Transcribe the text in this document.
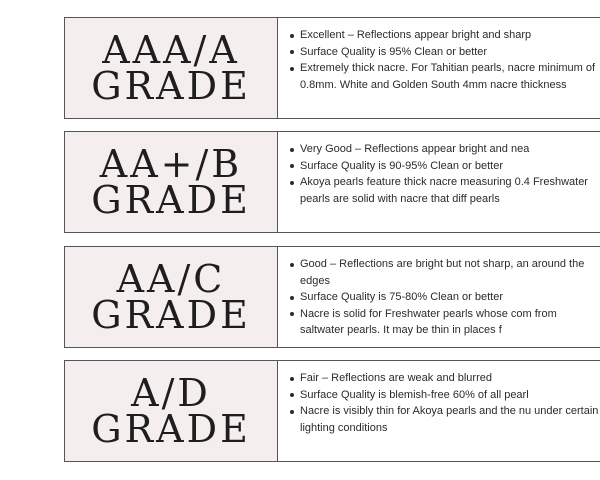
AAA/A
GRADE
Excellent – Reflections appear bright and sharp
Surface Quality is 95% Clean or better
Extremely thick nacre. For Tahitian pearls, nacre minimum of 0.8mm. White and Golden South 4mm nacre thickness
AA+/B
GRADE
Very Good – Reflections appear bright and nea
Surface Quality is 90-95% Clean or better
Akoya pearls feature thick nacre measuring 0.4 Freshwater pearls are solid with nacre that diff pearls
AA/C
GRADE
Good – Reflections are bright but not sharp, an around the edges
Surface Quality is 75-80% Clean or better
Nacre is solid for Freshwater pearls whose com from saltwater pearls. It may be thin in places f
A/D
GRADE
Fair – Reflections are weak and blurred
Surface Quality is blemish-free 60% of all pearl
Nacre is visibly thin for Akoya pearls and the nu under certain lighting conditions
